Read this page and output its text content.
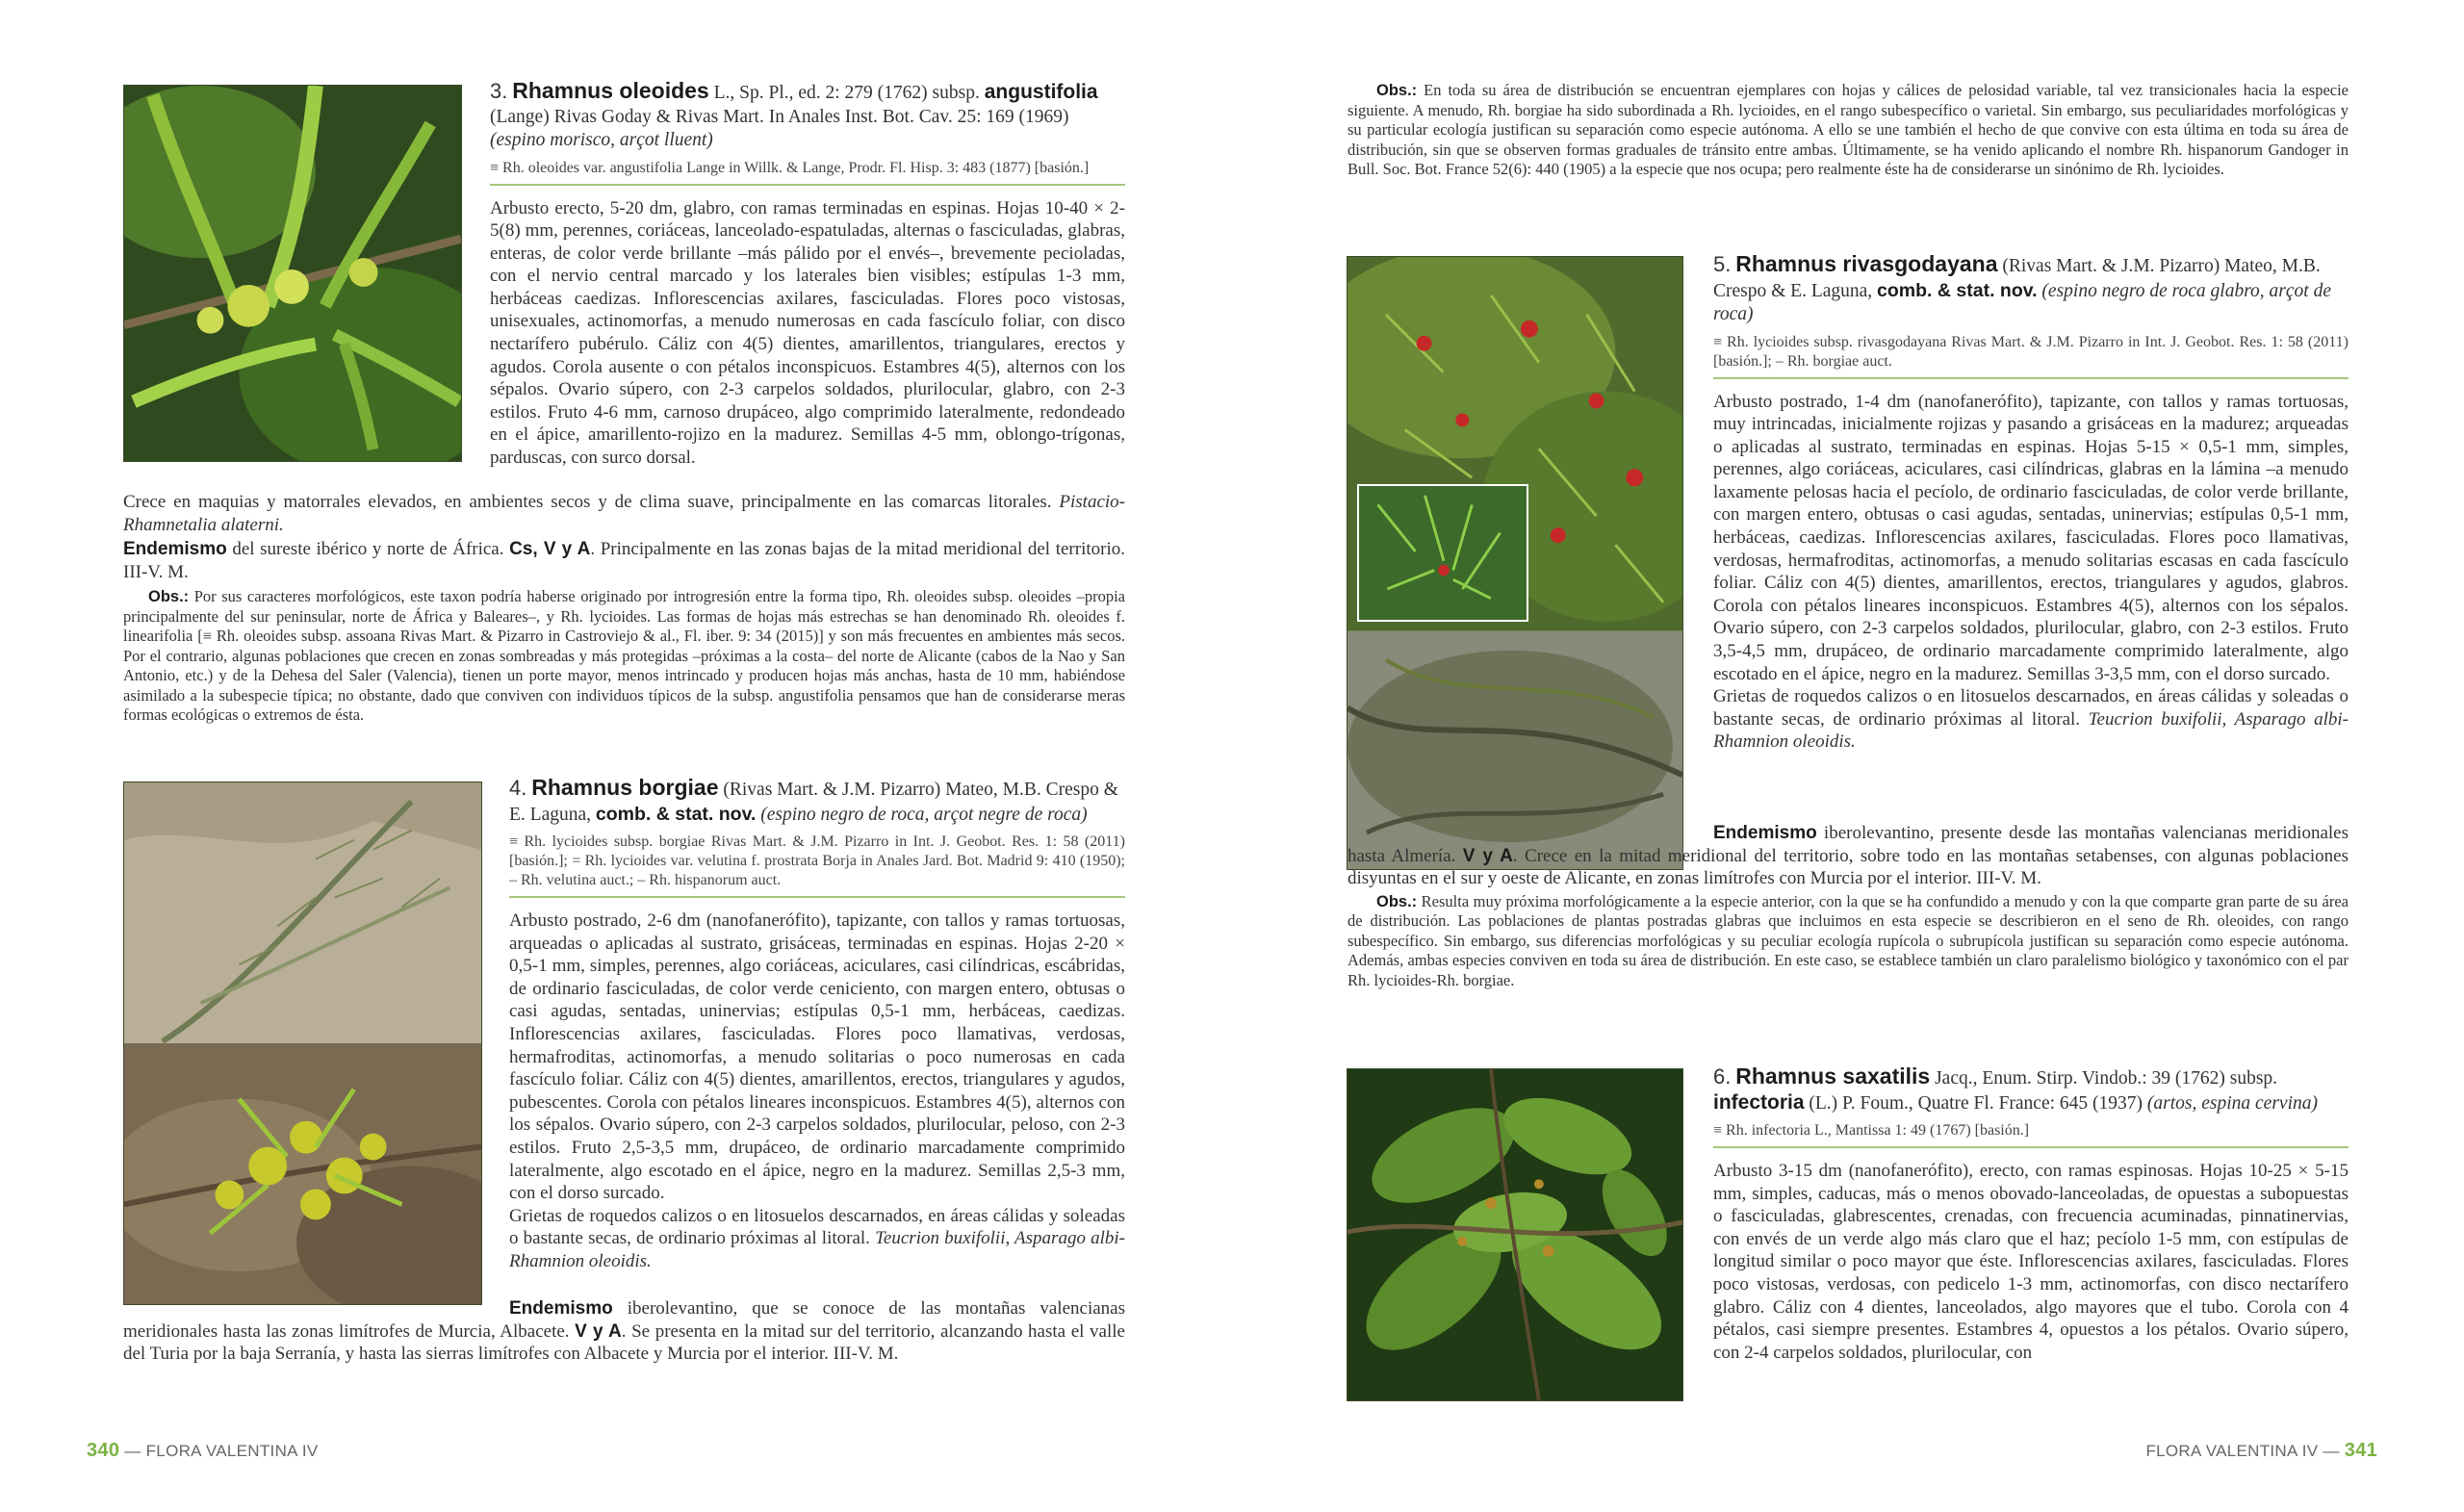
3. Rhamnus oleoides L., Sp. Pl., ed. 2: 279 (1762) subsp. angustifolia (Lange) Rivas Goday & Rivas Mart. In Anales Inst. Bot. Cav. 25: 169 (1969) (espino morisco, arçot lluent)
≡ Rh. oleoides var. angustifolia Lange in Willk. & Lange, Prodr. Fl. Hisp. 3: 483 (1877) [basión.]
Arbusto erecto, 5-20 dm, glabro, con ramas terminadas en espinas. Hojas 10-40 × 2-5(8) mm, perennes, coriáceas, lanceolado-espatuladas, alternas o fasciculadas, glabras, enteras, de color verde brillante –más pálido por el envés–, brevemente pecioladas, con el nervio central marcado y los laterales bien visibles; estípulas 1-3 mm, herbáceas caedizas. Inflorescencias axilares, fasciculadas. Flores poco vistosas, unisexuales, actinomorfas, a menudo numerosas en cada fascículo foliar, con disco nectarífero pubérulo. Cáliz con 4(5) dientes, amarillentos, triangulares, erectos y agudos. Corola ausente o con pétalos inconspicuos. Estambres 4(5), alternos con los sépalos. Ovario súpero, con 2-3 carpelos soldados, plurilocular, glabro, con 2-3 estilos. Fruto 4-6 mm, carnoso drupáceo, algo comprimido lateralmente, redondeado en el ápice, amarillento-rojizo en la madurez. Semillas 4-5 mm, oblongo-trígonas, parduscas, con surco dorsal.
Crece en maquias y matorrales elevados, en ambientes secos y de clima suave, principalmente en las comarcas litorales. Pistacio-Rhamnetalia alaterni.
Endemismo del sureste ibérico y norte de África. Cs, V y A. Principalmente en las zonas bajas de la mitad meridional del territorio. III-V. M.
Obs.: Por sus caracteres morfológicos, este taxon podría haberse originado por introgresión entre la forma tipo, Rh. oleoides subsp. oleoides –propia principalmente del sur peninsular, norte de África y Baleares–, y Rh. lycioides. Las formas de hojas más estrechas se han denominado Rh. oleoides f. linearifolia [≡ Rh. oleoides subsp. assoana Rivas Mart. & Pizarro in Castroviejo & al., Fl. iber. 9: 34 (2015)] y son más frecuentes en ambientes más secos. Por el contrario, algunas poblaciones que crecen en zonas sombreadas y más protegidas –próximas a la costa– del norte de Alicante (cabos de la Nao y San Antonio, etc.) y de la Dehesa del Saler (Valencia), tienen un porte mayor, menos intrincado y producen hojas más anchas, hasta de 10 mm, habiéndose asimilado a la subespecie típica; no obstante, dado que conviven con individuos típicos de la subsp. angustifolia pensamos que han de considerarse meras formas ecológicas o extremos de ésta.
4. Rhamnus borgiae (Rivas Mart. & J.M. Pizarro) Mateo, M.B. Crespo & E. Laguna, comb. & stat. nov. (espino negro de roca, arçot negre de roca)
≡ Rh. lycioides subsp. borgiae Rivas Mart. & J.M. Pizarro in Int. J. Geobot. Res. 1: 58 (2011) [basión.]; = Rh. lycioides var. velutina f. prostrata Borja in Anales Jard. Bot. Madrid 9: 410 (1950); – Rh. velutina auct.; – Rh. hispanorum auct.
Arbusto postrado, 2-6 dm (nanofanerófito), tapizante, con tallos y ramas tortuosas, arqueadas o aplicadas al sustrato, grisáceas, terminadas en espinas. Hojas 2-20 × 0,5-1 mm, simples, perennes, algo coriáceas, aciculares, casi cilíndricas, escábridas, de ordinario fasciculadas, de color verde ceniciento, con margen entero, obtusas o casi agudas, sentadas, uninervias; estípulas 0,5-1 mm, herbáceas, caedizas. Inflorescencias axilares, fasciculadas. Flores poco llamativas, verdosas, hermafroditas, actinomorfas, a menudo solitarias o poco numerosas en cada fascículo foliar. Cáliz con 4(5) dientes, amarillentos, erectos, triangulares y agudos, pubescentes. Corola con pétalos lineares inconspicuos. Estambres 4(5), alternos con los sépalos. Ovario súpero, con 2-3 carpelos soldados, plurilocular, peloso, con 2-3 estilos. Fruto 2,5-3,5 mm, drupáceo, de ordinario marcadamente comprimido lateralmente, algo escotado en el ápice, negro en la madurez. Semillas 2,5-3 mm, con el dorso surcado.
Grietas de roquedos calizos o en litosuelos descarnados, en áreas cálidas y soleadas o bastante secas, de ordinario próximas al litoral. Teucrion buxifolii, Asparago albi-Rhamnion oleoidis.
Endemismo iberolevantino, que se conoce de las montañas valencianas meridionales hasta las zonas limítrofes de Murcia, Albacete. V y A. Se presenta en la mitad sur del territorio, alcanzando hasta el valle del Turia por la baja Serranía, y hasta las sierras limítrofes con Albacete y Murcia por el interior. III-V. M.
340 — FLORA VALENTINA IV
Obs.: En toda su área de distribución se encuentran ejemplares con hojas y cálices de pelosidad variable, tal vez transicionales hacia la especie siguiente. A menudo, Rh. borgiae ha sido subordinada a Rh. lycioides, en el rango subespecífico o varietal. Sin embargo, sus peculiaridades morfológicas y su particular ecología justifican su separación como especie autónoma. A ello se une también el hecho de que convive con esta última en toda su área de distribución, sin que se observen formas graduales de tránsito entre ambas. Últimamente, se ha venido aplicando el nombre Rh. hispanorum Gandoger in Bull. Soc. Bot. France 52(6): 440 (1905) a la especie que nos ocupa; pero realmente éste ha de considerarse un sinónimo de Rh. lycioides.
5. Rhamnus rivasgodayana (Rivas Mart. & J.M. Pizarro) Mateo, M.B. Crespo & E. Laguna, comb. & stat. nov. (espino negro de roca glabro, arçot de roca)
≡ Rh. lycioides subsp. rivasgodayana Rivas Mart. & J.M. Pizarro in Int. J. Geobot. Res. 1: 58 (2011) [basión.]; – Rh. borgiae auct.
Arbusto postrado, 1-4 dm (nanofanerófito), tapizante, con tallos y ramas tortuosas, muy intrincadas, inicialmente rojizas y pasando a grisáceas en la madurez; arqueadas o aplicadas al sustrato, terminadas en espinas. Hojas 5-15 × 0,5-1 mm, simples, perennes, algo coriáceas, aciculares, casi cilíndricas, glabras en la lámina –a menudo laxamente pelosas hacia el pecíolo, de ordinario fasciculadas, de color verde brillante, con margen entero, obtusas o casi agudas, sentadas, uninervias; estípulas 0,5-1 mm, herbáceas, caedizas. Inflorescencias axilares, fasciculadas. Flores poco llamativas, verdosas, hermafroditas, actinomorfas, a menudo solitarias escasas en cada fascículo foliar. Cáliz con 4(5) dientes, amarillentos, erectos, triangulares y agudos, glabros. Corola con pétalos lineares inconspicuos. Estambres 4(5), alternos con los sépalos. Ovario súpero, con 2-3 carpelos soldados, plurilocular, glabro, con 2-3 estilos. Fruto 3,5-4,5 mm, drupáceo, de ordinario marcadamente comprimido lateralmente, algo escotado en el ápice, negro en la madurez. Semillas 3-3,5 mm, con el dorso surcado.
Grietas de roquedos calizos o en litosuelos descarnados, en áreas cálidas y soleadas o bastante secas, de ordinario próximas al litoral. Teucrion buxifolii, Asparago albi-Rhamnion oleoidis.
Endemismo iberolevantino, presente desde las montañas valencianas meridionales hasta Almería. V y A. Crece en la mitad meridional del territorio, sobre todo en las montañas setabenses, con algunas poblaciones disyuntas en el sur y oeste de Alicante, en zonas limítrofes con Murcia por el interior. III-V. M.
Obs.: Resulta muy próxima morfológicamente a la especie anterior, con la que se ha confundido a menudo y con la que comparte gran parte de su área de distribución. Las poblaciones de plantas postradas glabras que incluimos en esta especie se describieron en el seno de Rh. oleoides, con rango subespecífico. Sin embargo, sus diferencias morfológicas y su peculiar ecología rupícola o subrupícola justifican su separación como especie autónoma. Además, ambas especies conviven en toda su área de distribución. En este caso, se establece también un claro paralelismo biológico y taxonómico con el par Rh. lycioides-Rh. borgiae.
6. Rhamnus saxatilis Jacq., Enum. Stirp. Vindob.: 39 (1762) subsp. infectoria (L.) P. Foum., Quatre Fl. France: 645 (1937) (artos, espina cervina)
≡ Rh. infectoria L., Mantissa 1: 49 (1767) [basión.]
Arbusto 3-15 dm (nanofanerófito), erecto, con ramas espinosas. Hojas 10-25 × 5-15 mm, simples, caducas, más o menos obovado-lanceoladas, de opuestas a subopuestas o fasciculadas, glabrescentes, crenadas, con frecuencia acuminadas, pinnatinervias, con envés de un verde algo más claro que el haz; pecíolo 1-5 mm, con estípulas de longitud similar o poco mayor que éste. Inflorescencias axilares, fasciculadas. Flores poco vistosas, verdosas, con pedicelo 1-3 mm, actinomorfas, con disco nectarífero glabro. Cáliz con 4 dientes, lanceolados, algo mayores que el tubo. Corola con 4 pétalos, casi siempre presentes. Estambres 4, opuestos a los pétalos. Ovario súpero, con 2-4 carpelos soldados, plurilocular, con
FLORA VALENTINA IV — 341
